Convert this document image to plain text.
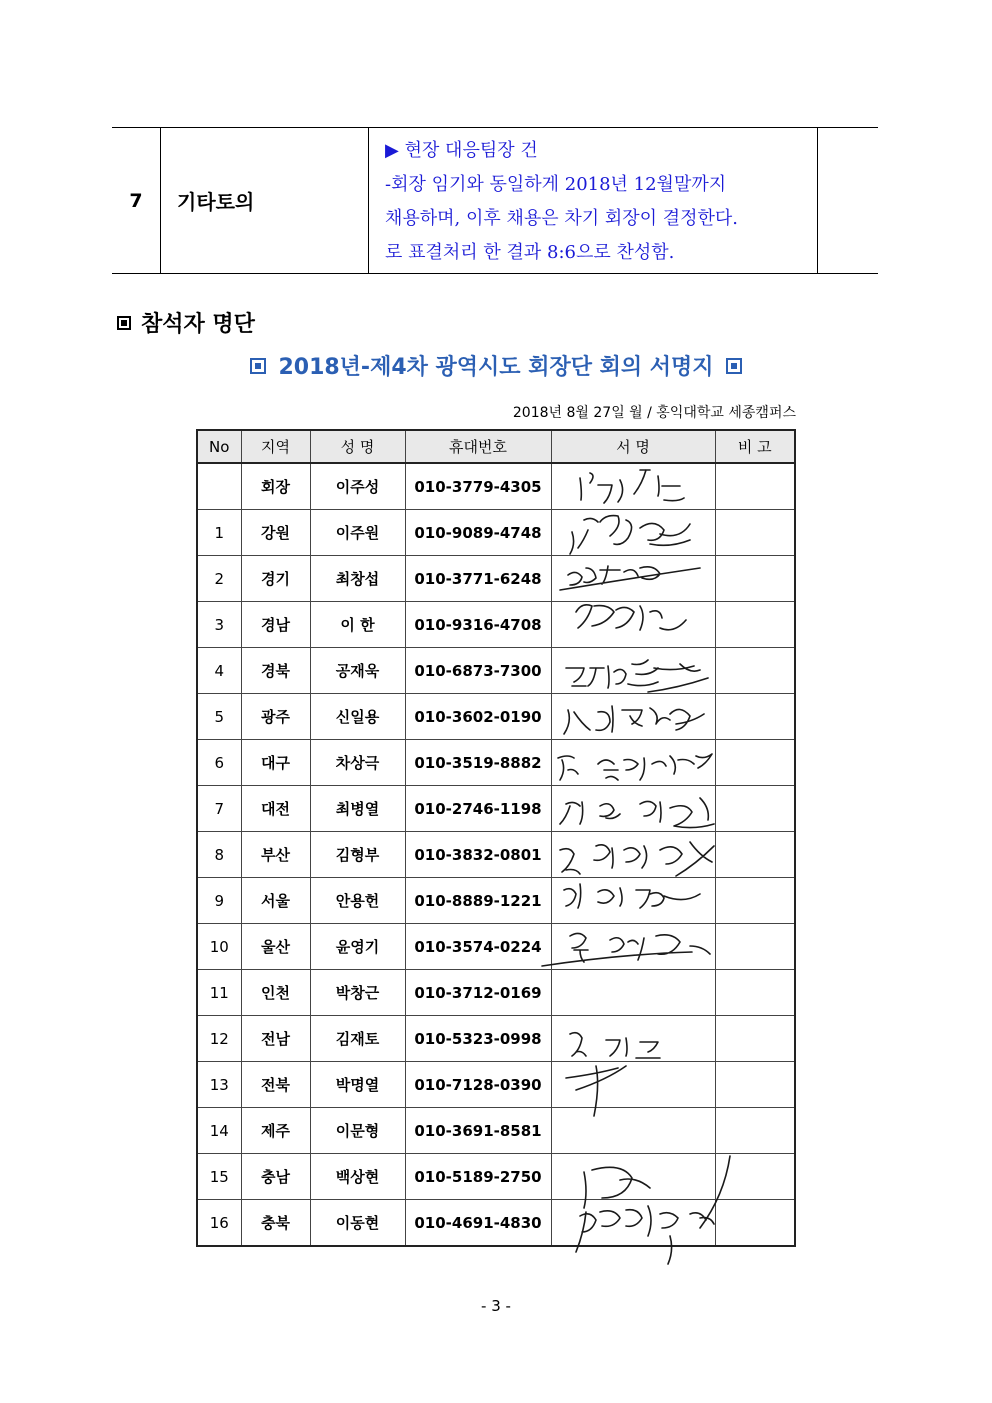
7	기타토의
▶ 현장 대응팀장 건
-회장 임기와 동일하게 2018년 12월말까지
채용하며, 이후 채용은 차기 회장이 결정한다.
로 표결처리 한 결과 8:6으로 찬성함.
참석자 명단
2018년-제4차 광역시도 회장단 회의 서명지
2018년 8월 27일 월 / 홍익대학교 세종캠퍼스
No	지역	성 명	휴대번호	서 명	비 고
	회장	이주성	010-3779-4305		
1	강원	이주원	010-9089-4748		
2	경기	최창섭	010-3771-6248		
3	경남	이 한	010-9316-4708		
4	경북	공재욱	010-6873-7300		
5	광주	신일용	010-3602-0190		
6	대구	차상극	010-3519-8882		
7	대전	최병열	010-2746-1198		
8	부산	김형부	010-3832-0801		
9	서울	안용헌	010-8889-1221		
10	울산	윤영기	010-3574-0224		
11	인천	박창근	010-3712-0169		
12	전남	김재토	010-5323-0998		
13	전북	박명열	010-7128-0390		
14	제주	이문형	010-3691-8581		
15	충남	백상현	010-5189-2750		
16	충북	이동현	010-4691-4830		
- 3 -
